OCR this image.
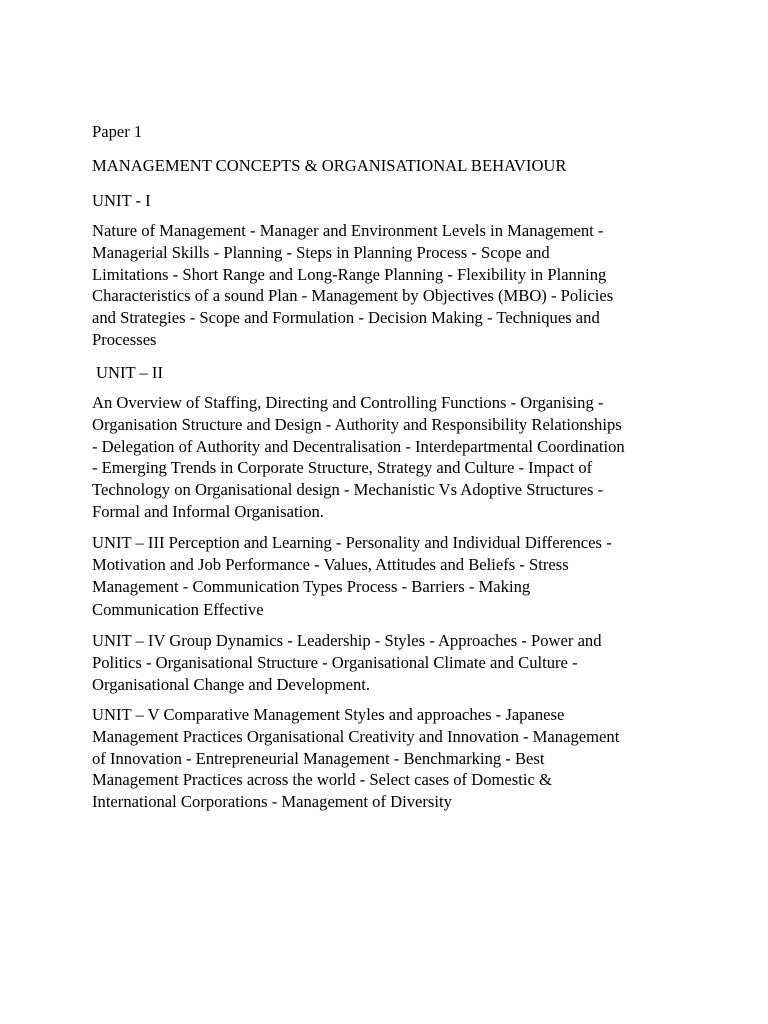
Paper 1

MANAGEMENT CONCEPTS & ORGANISATIONAL BEHAVIOUR

UNIT - I

Nature of Management - Manager and Environment Levels in Management -
Managerial Skills - Planning - Steps in Planning Process - Scope and
Limitations - Short Range and Long-Range Planning - Flexibility in Planning
Characteristics of a sound Plan - Management by Objectives (MBO) - Policies
and Strategies - Scope and Formulation - Decision Making - Techniques and
Processes

UNIT – II

An Overview of Staffing, Directing and Controlling Functions - Organising -
Organisation Structure and Design - Authority and Responsibility Relationships
- Delegation of Authority and Decentralisation - Interdepartmental Coordination
- Emerging Trends in Corporate Structure, Strategy and Culture - Impact of
Technology on Organisational design - Mechanistic Vs Adoptive Structures -
Formal and Informal Organisation.
UNIT – III Perception and Learning - Personality and Individual Differences -
Motivation and Job Performance - Values, Attitudes and Beliefs - Stress
Management - Communication Types Process - Barriers - Making
Communication Effective
UNIT – IV Group Dynamics - Leadership - Styles - Approaches - Power and
Politics - Organisational Structure - Organisational Climate and Culture -
Organisational Change and Development.
UNIT – V Comparative Management Styles and approaches - Japanese
Management Practices Organisational Creativity and Innovation - Management
of Innovation - Entrepreneurial Management - Benchmarking - Best
Management Practices across the world - Select cases of Domestic &
International Corporations - Management of Diversity
